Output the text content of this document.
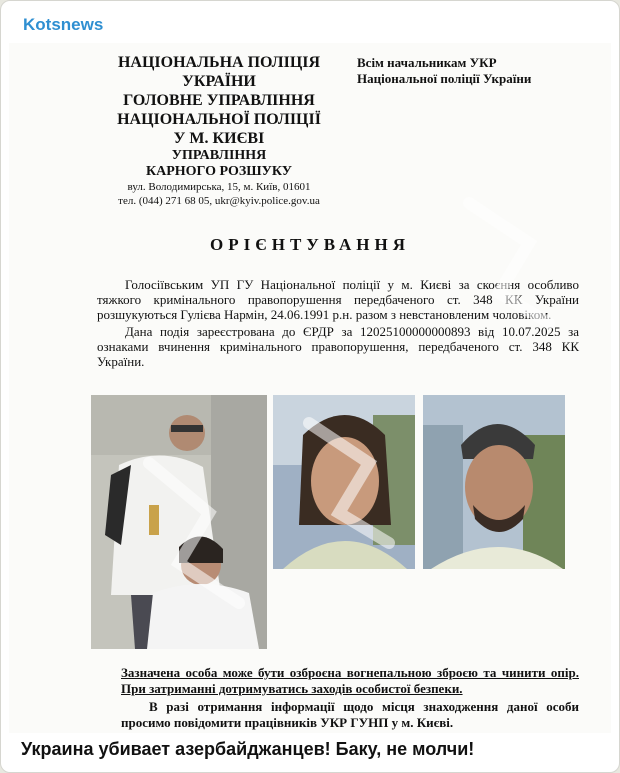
Kotsnews
НАЦІОНАЛЬНА ПОЛІЦІЯ
УКРАЇНИ
ГОЛОВНЕ УПРАВЛІННЯ
НАЦІОНАЛЬНОЇ ПОЛІЦІЇ
У М. КИЄВІ
УПРАВЛІННЯ
КАРНОГО РОЗШУКУ
вул. Володимирська, 15, м. Київ, 01601
тел. (044) 271 68 05, ukr@kyiv.police.gov.ua
Всім начальникам УКР
Національної поліції України
ОРІЄНТУВАННЯ

Голосіївським УП ГУ Національної поліції у м. Києві за скоєння особливо тяжкого кримінального правопорушення передбаченого ст. 348 КК України розшукуються Гулієва Нармін, 24.06.1991 р.н. разом з невстановленим чоловіком.

Дана подія зареєстрована до ЄРДР за 12025100000000893 від 10.07.2025 за ознаками вчинення кримінального правопорушення, передбаченого ст. 348 КК України.

Зазначена особа може бути озброєна вогнепальною зброєю та чинити опір. При затриманні дотримуватись заходів особистої безпеки.

В разі отримання інформації щодо місця знаходження даної особи просимо повідомити працівників УКР ГУНП у м. Києві.

Украина убивает азербайджанцев! Баку, не молчи!
